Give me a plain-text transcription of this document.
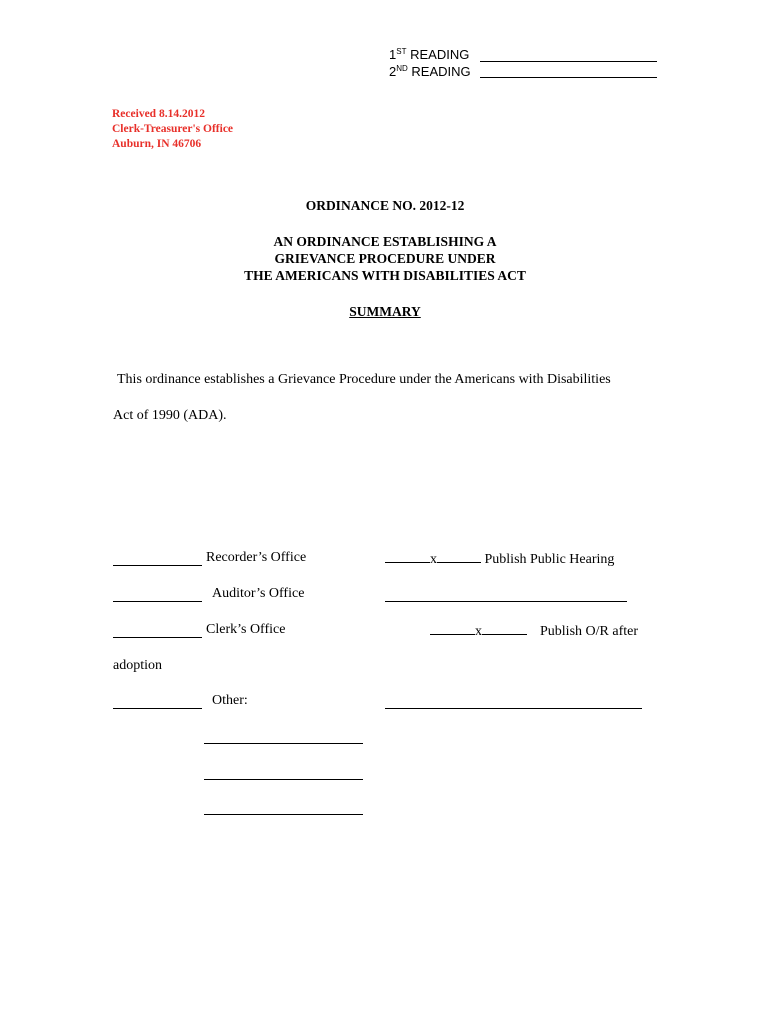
1ST READING
2ND READING
Received 8.14.2012
Clerk-Treasurer's Office
Auburn, IN 46706
ORDINANCE NO. 2012-12
AN ORDINANCE ESTABLISHING A
GRIEVANCE PROCEDURE UNDER
THE AMERICANS WITH DISABILITIES ACT
SUMMARY
This ordinance establishes a Grievance Procedure under the Americans with Disabilities
Act of 1990 (ADA).
Recorder’s Office
Auditor’s Office
Clerk’s Office
adoption
Other:
x	Publish Public Hearing
x	Publish O/R after
